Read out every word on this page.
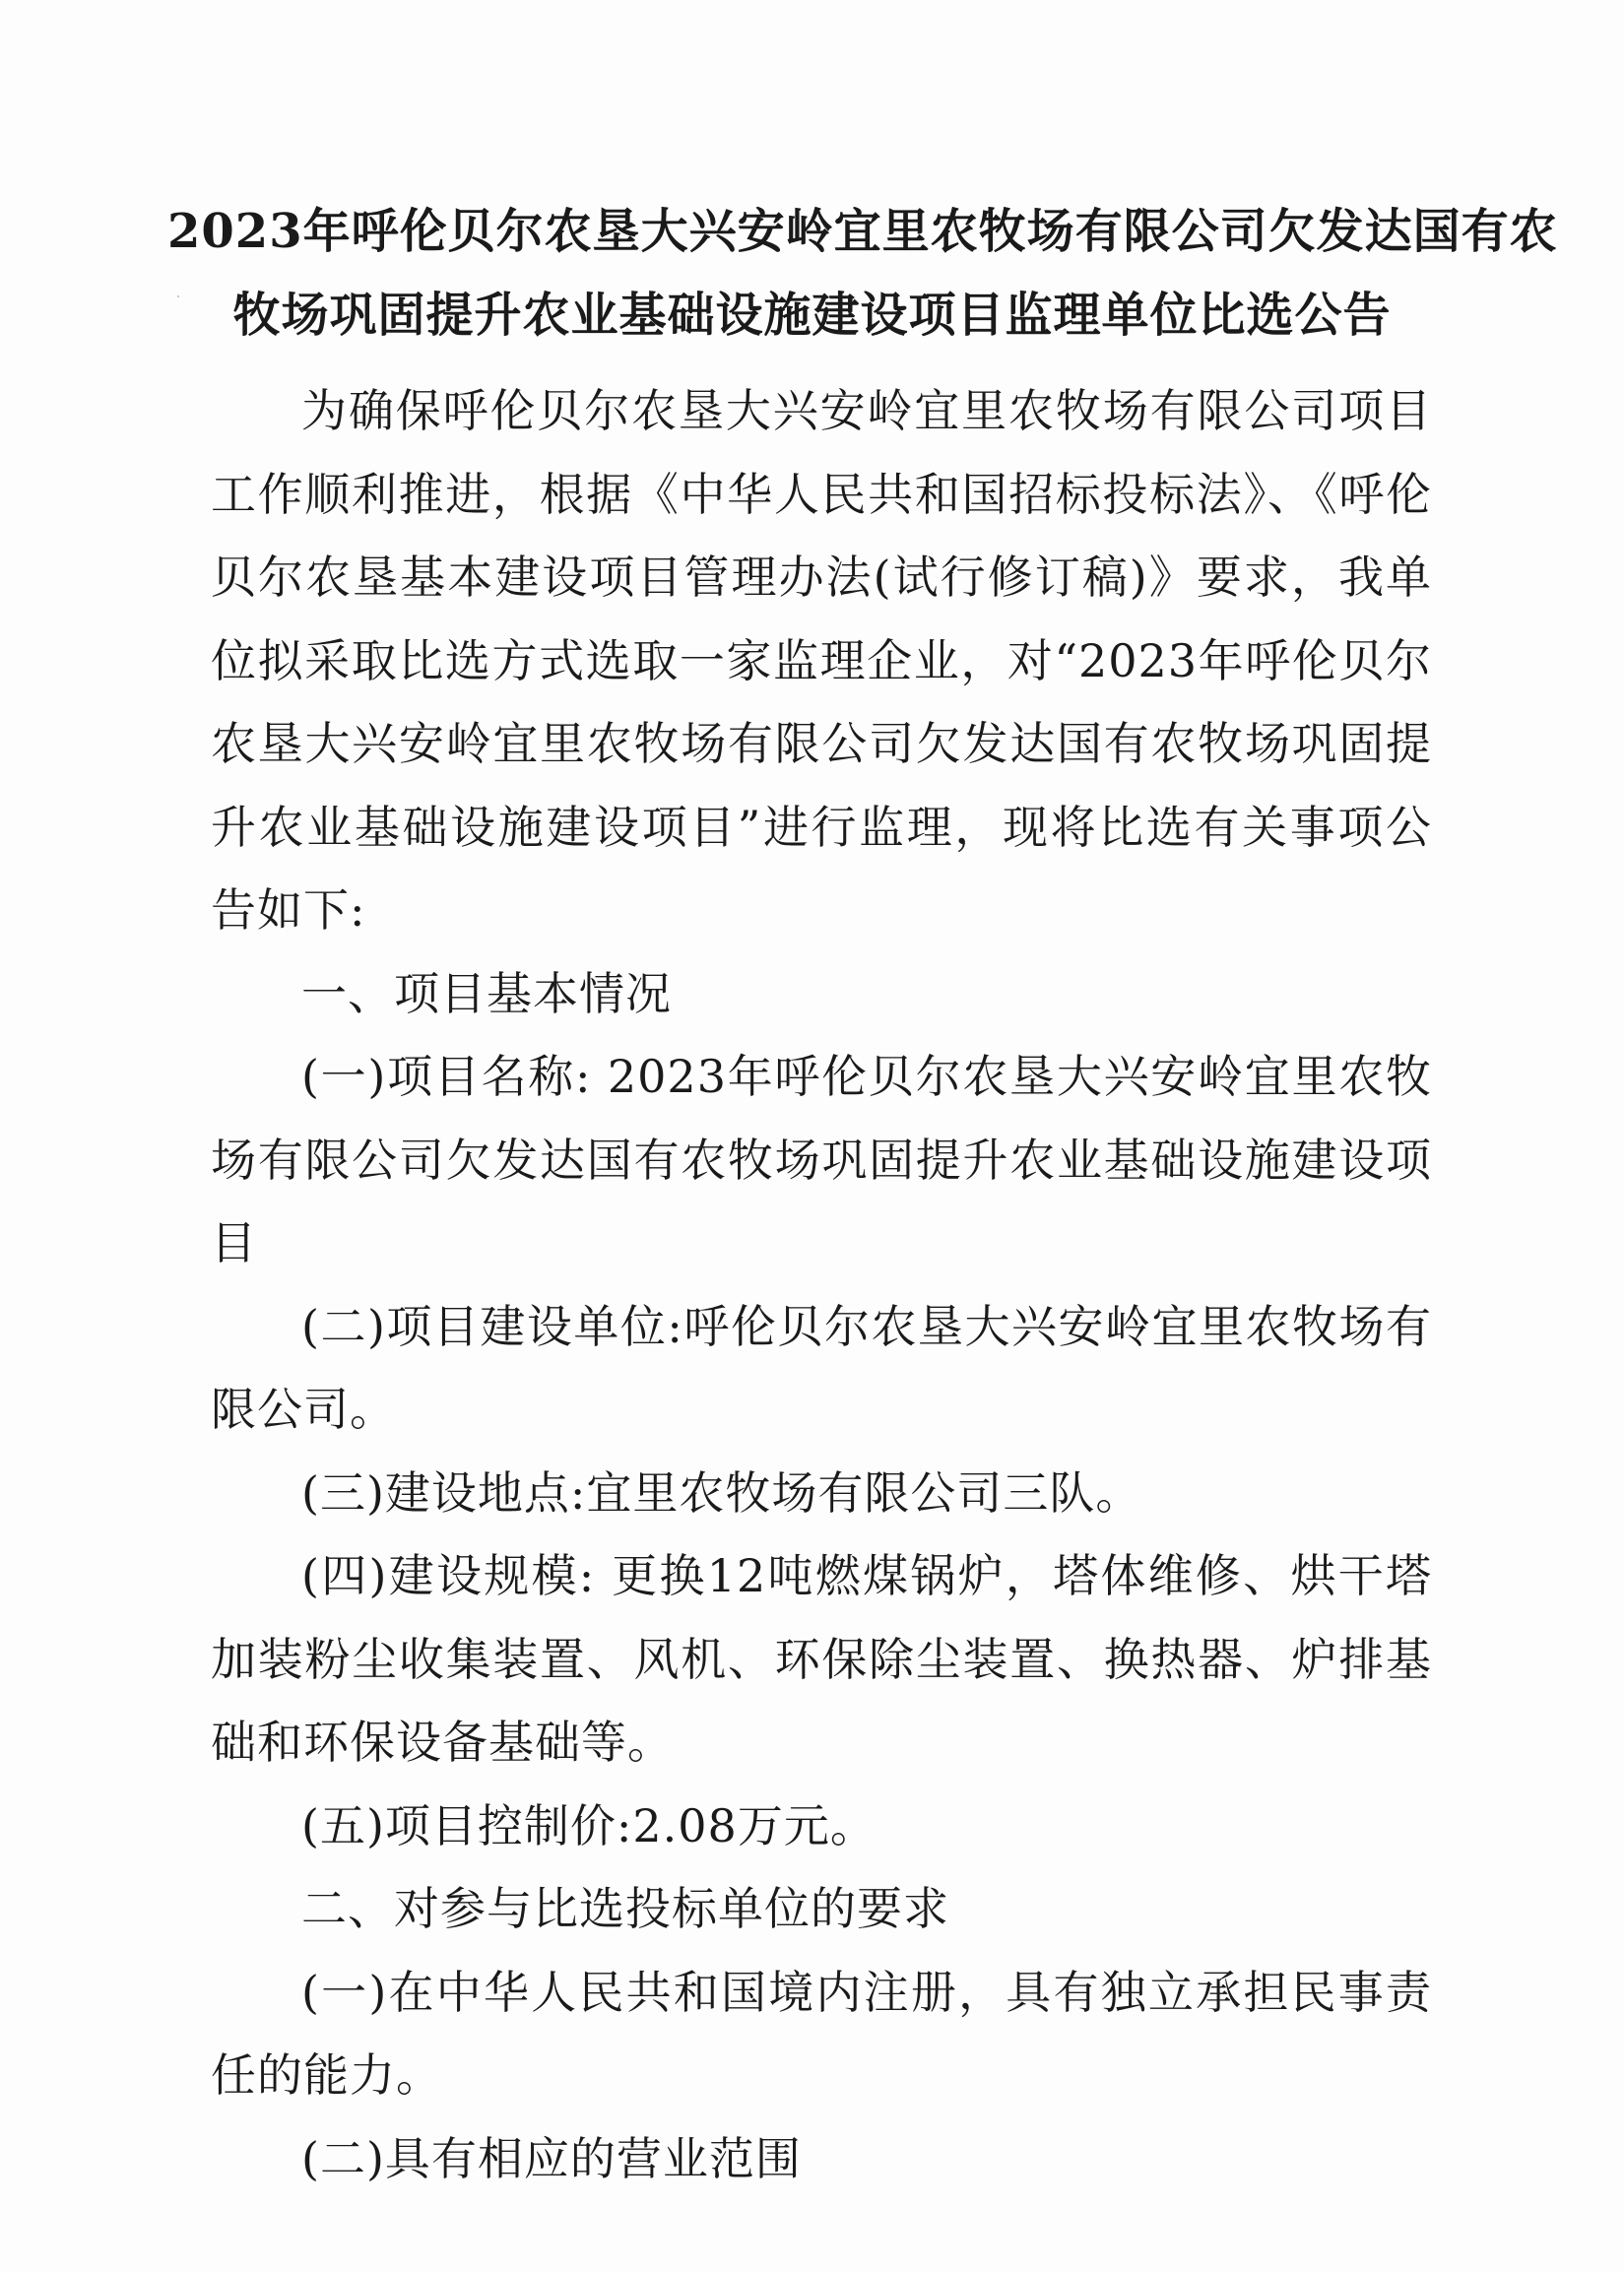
2023年呼伦贝尔农垦大兴安岭宜里农牧场有限公司欠发达国有农
牧场巩固提升农业基础设施建设项目监理单位比选公告

为确保呼伦贝尔农垦大兴安岭宜里农牧场有限公司项目工作顺利推进，根据《中华人民共和国招标投标法》、《呼伦贝尔农垦基本建设项目管理办法(试行修订稿)》要求，我单位拟采取比选方式选取一家监理企业，对“2023年呼伦贝尔农垦大兴安岭宜里农牧场有限公司欠发达国有农牧场巩固提升农业基础设施建设项目”进行监理，现将比选有关事项公告如下:

一、项目基本情况

(一)项目名称: 2023年呼伦贝尔农垦大兴安岭宜里农牧场有限公司欠发达国有农牧场巩固提升农业基础设施建设项目

(二)项目建设单位:呼伦贝尔农垦大兴安岭宜里农牧场有限公司。

(三)建设地点:宜里农牧场有限公司三队。

(四)建设规模: 更换12吨燃煤锅炉，塔体维修、烘干塔加装粉尘收集装置、风机、环保除尘装置、换热器、炉排基础和环保设备基础等。

(五)项目控制价:2.08万元。

二、对参与比选投标单位的要求

(一)在中华人民共和国境内注册，具有独立承担民事责任的能力。

(二)具有相应的营业范围
